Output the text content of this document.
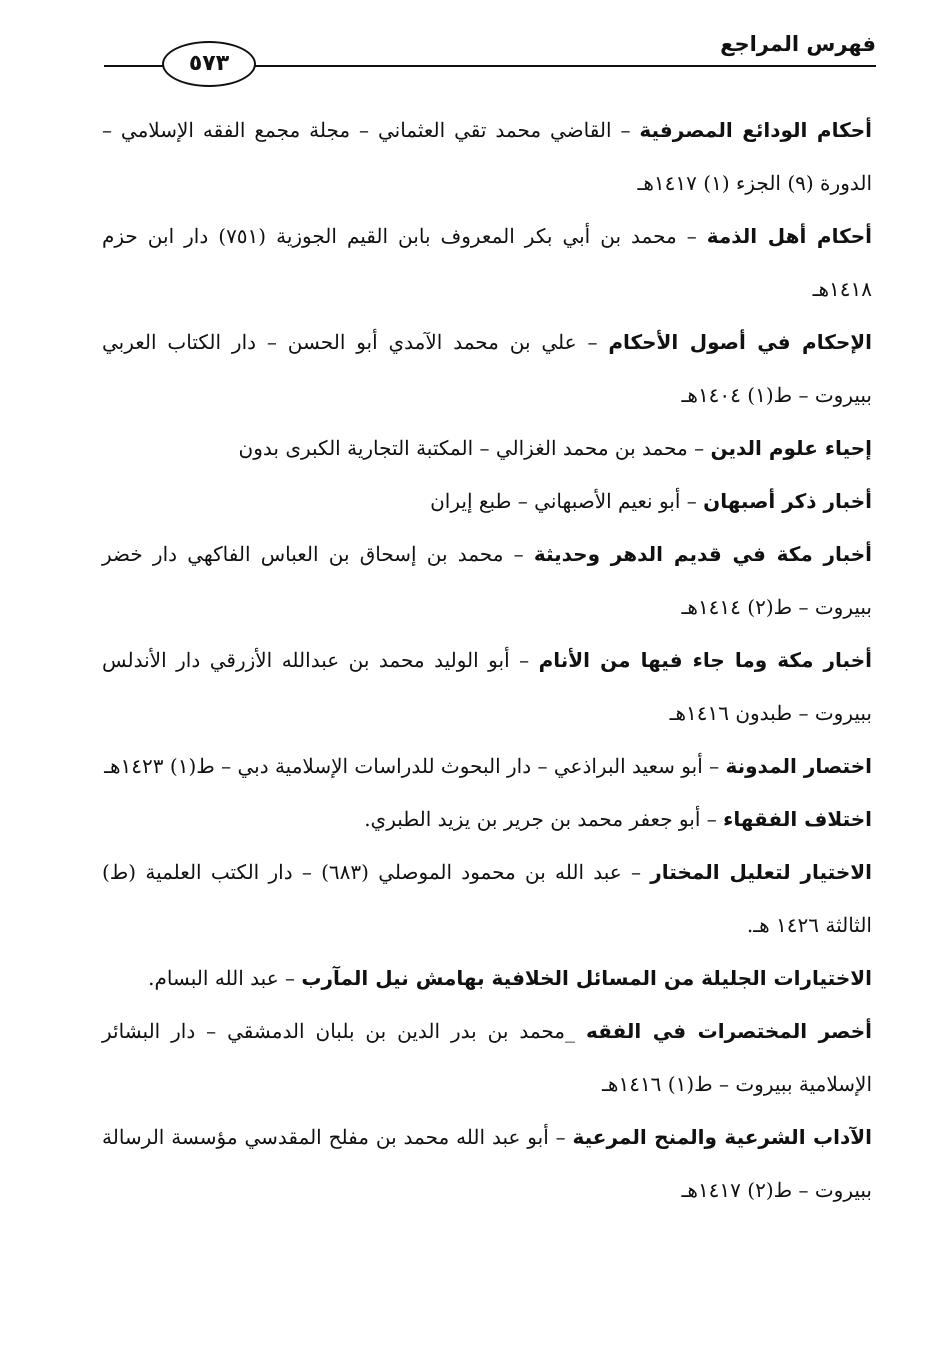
فهرس المراجع
٥٧٣
أحكام الودائع المصرفية – القاضي محمد تقي العثماني – مجلة مجمع الفقه الإسلامي – الدورة (٩) الجزء (١) ١٤١٧هـ
أحكام أهل الذمة – محمد بن أبي بكر المعروف بابن القيم الجوزية (٧٥١) دار ابن حزم ١٤١٨هـ
الإحكام في أصول الأحكام – علي بن محمد الآمدي أبو الحسن – دار الكتاب العربي ببيروت – ط(١) ١٤٠٤هـ
إحياء علوم الدين – محمد بن محمد الغزالي – المكتبة التجارية الكبرى بدون
أخبار ذكر أصبهان – أبو نعيم الأصبهاني – طبع إيران
أخبار مكة في قديم الدهر وحديثة – محمد بن إسحاق بن العباس الفاكهي دار خضر ببيروت – ط(٢) ١٤١٤هـ
أخبار مكة وما جاء فيها من الأنام – أبو الوليد محمد بن عبدالله الأزرقي دار الأندلس ببيروت – طبدون ١٤١٦هـ
اختصار المدونة – أبو سعيد البراذعي – دار البحوث للدراسات الإسلامية دبي – ط(١) ١٤٢٣هـ
اختلاف الفقهاء – أبو جعفر محمد بن جرير بن يزيد الطبري.
الاختيار لتعليل المختار – عبد الله بن محمود الموصلي (٦٨٣) – دار الكتب العلمية (ط) الثالثة ١٤٢٦ هـ.
الاختيارات الجليلة من المسائل الخلافية بهامش نيل المآرب – عبد الله البسام.
أخصر المختصرات في الفقه _محمد بن بدر الدين بن بلبان الدمشقي – دار البشائر الإسلامية ببيروت – ط(١) ١٤١٦هـ
الآداب الشرعية والمنح المرعية – أبو عبد الله محمد بن مفلح المقدسي مؤسسة الرسالة ببيروت – ط(٢) ١٤١٧هـ
